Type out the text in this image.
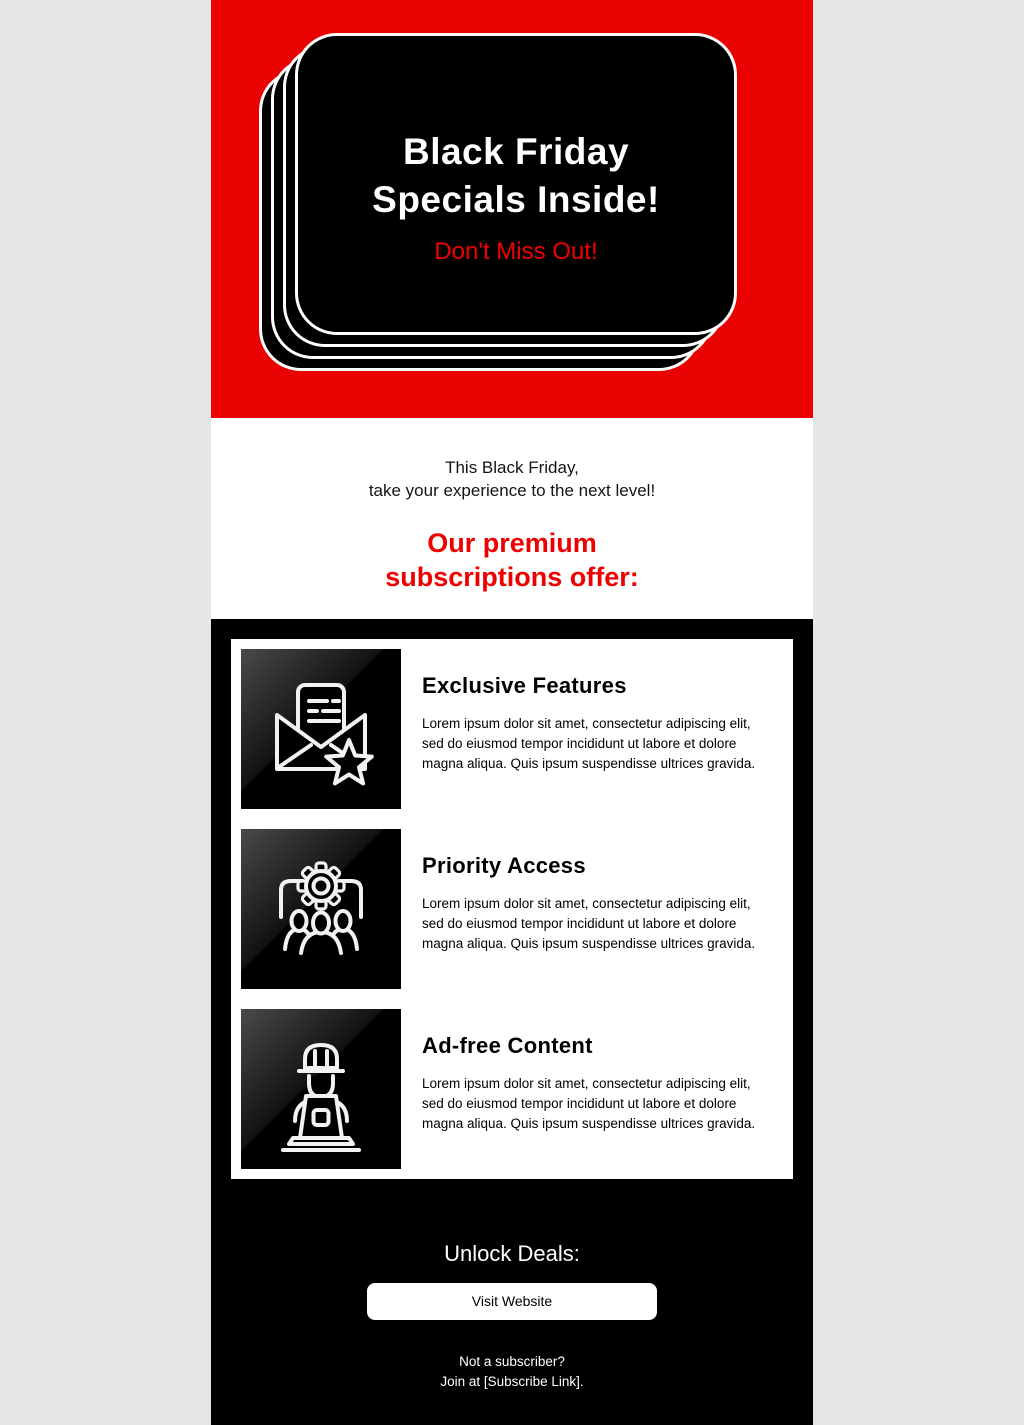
Black Friday
Specials Inside!

Don't Miss Out!

This Black Friday,
take your experience to the next level!

Our premium
subscriptions offer:
Exclusive Features

Lorem ipsum dolor sit amet, consectetur adipiscing elit, sed do eiusmod tempor incididunt ut labore et dolore magna aliqua. Quis ipsum suspendisse ultrices gravida.

Priority Access

Lorem ipsum dolor sit amet, consectetur adipiscing elit, sed do eiusmod tempor incididunt ut labore et dolore magna aliqua. Quis ipsum suspendisse ultrices gravida.

Ad-free Content

Lorem ipsum dolor sit amet, consectetur adipiscing elit, sed do eiusmod tempor incididunt ut labore et dolore magna aliqua. Quis ipsum suspendisse ultrices gravida.

Unlock Deals:

Visit Website

Not a subscriber?
Join at [Subscribe Link].
